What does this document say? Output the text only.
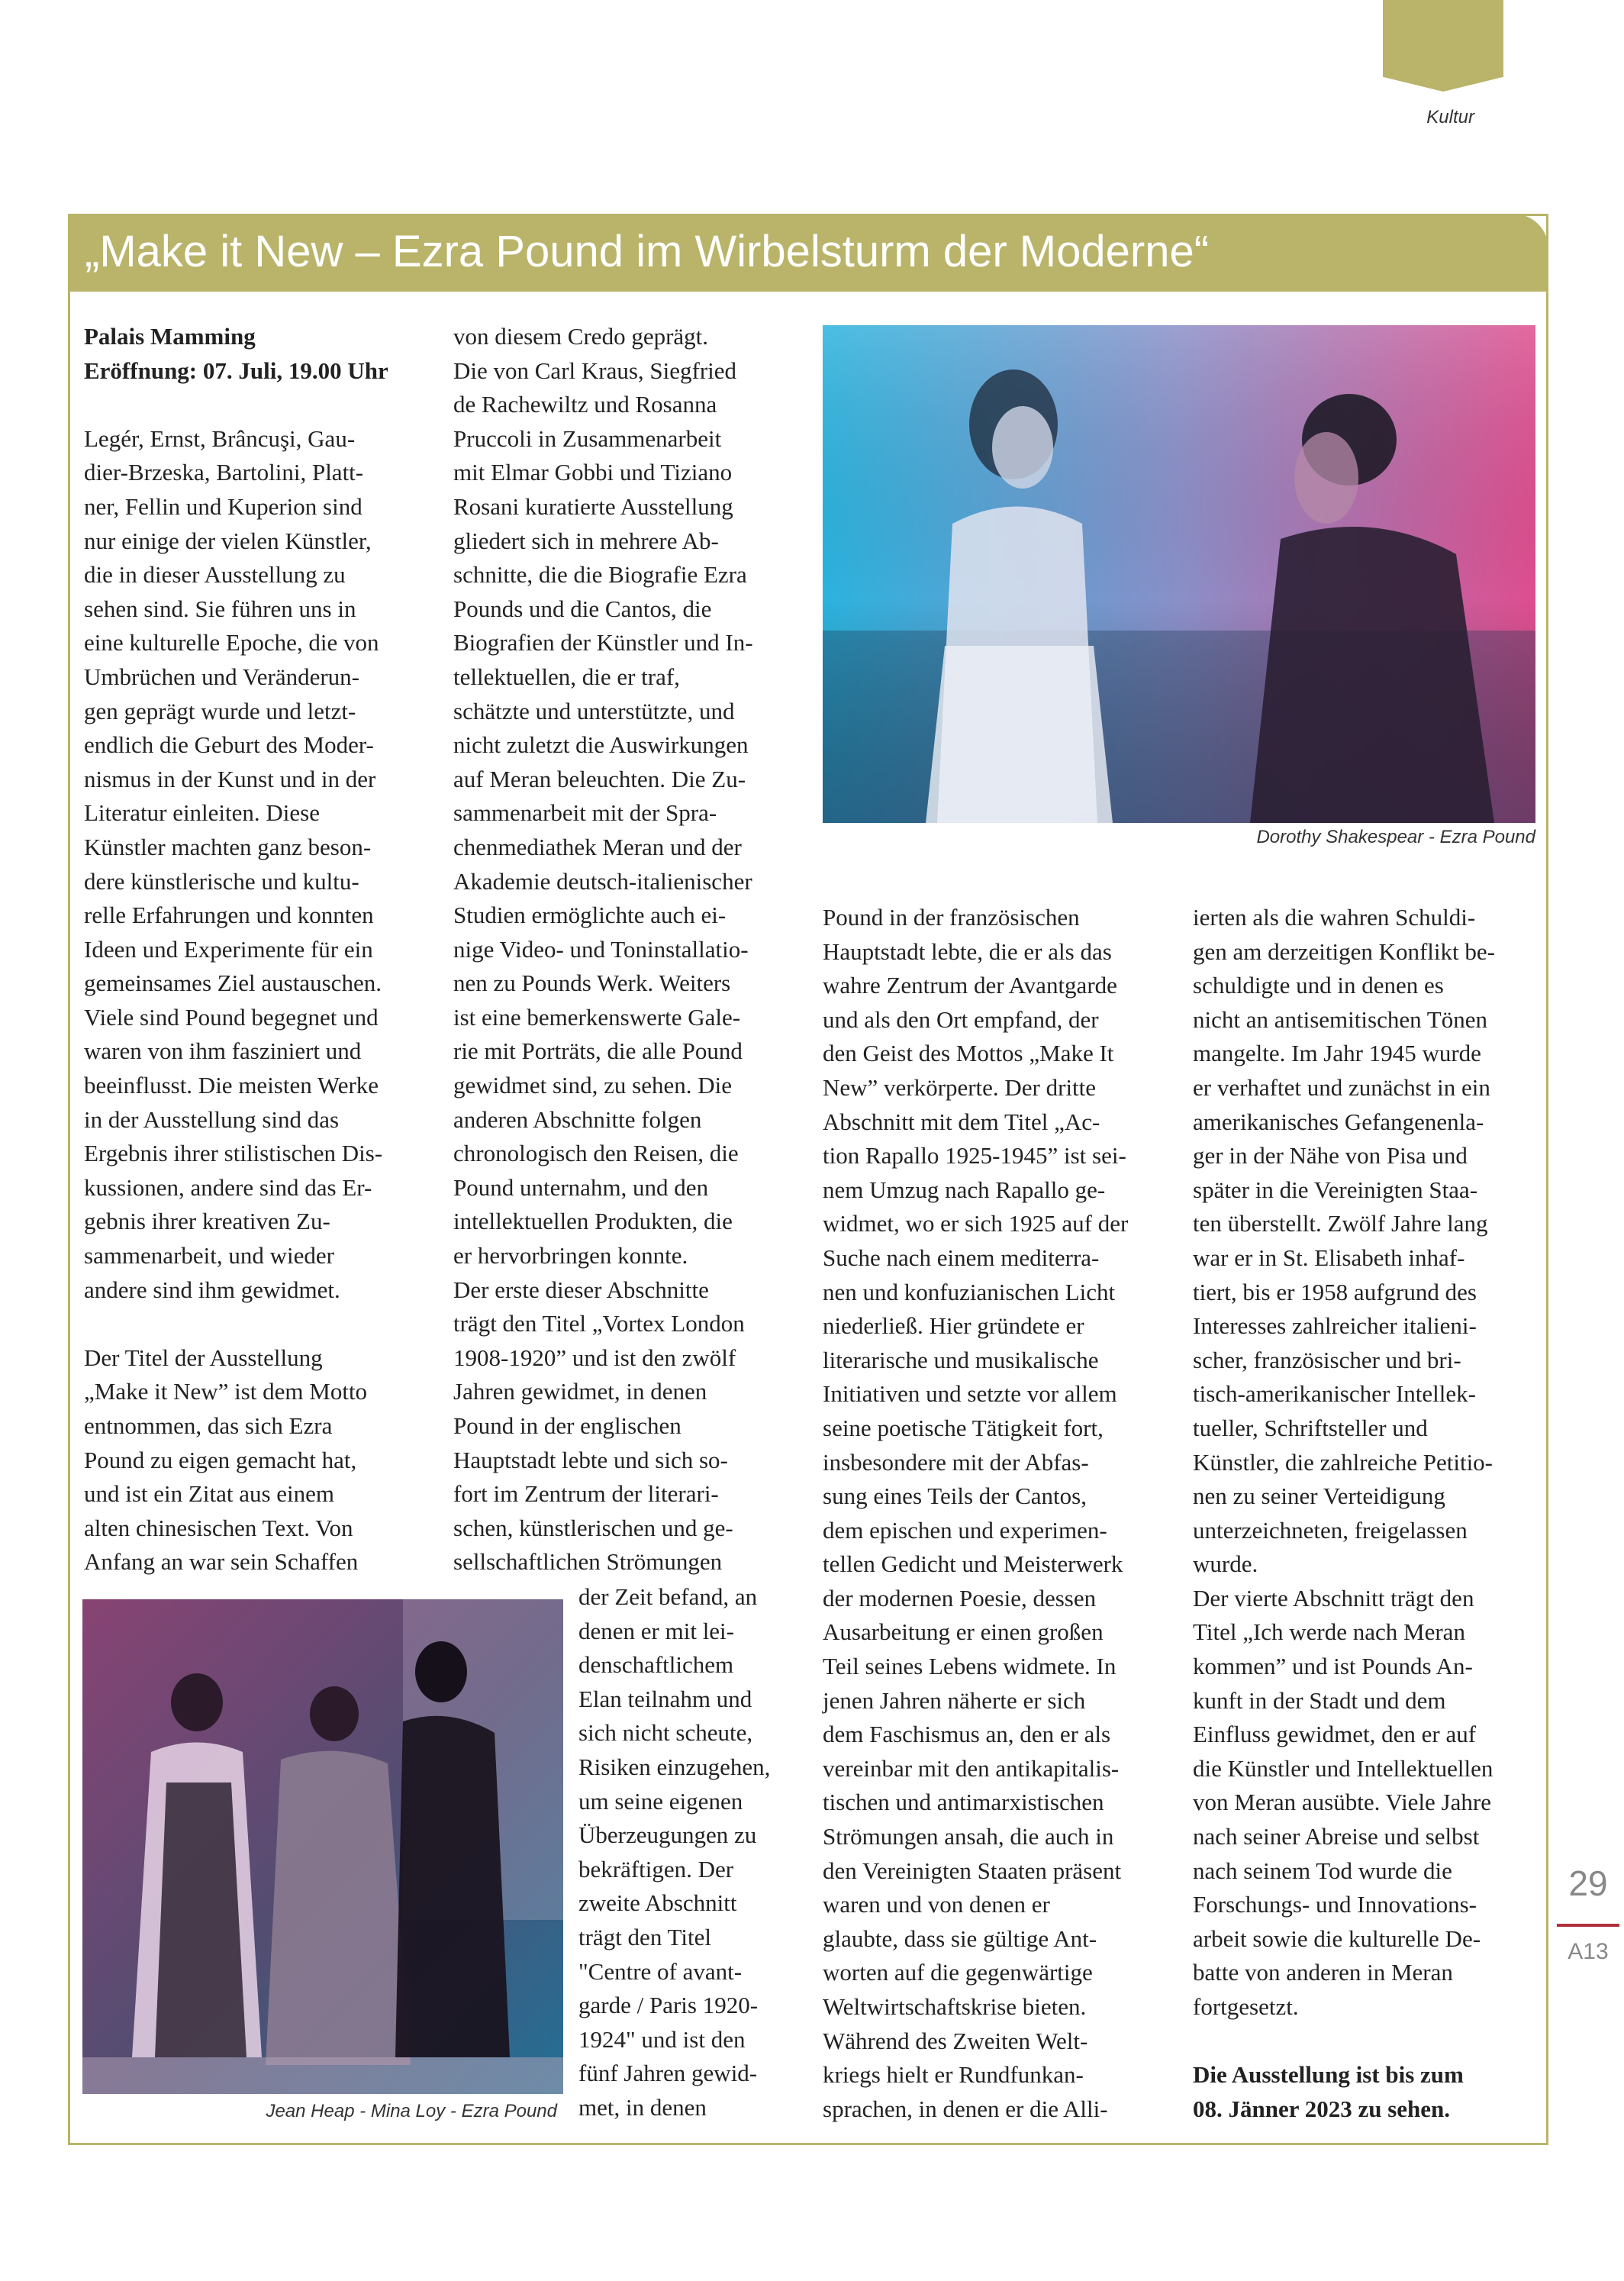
Kultur
„Make it New – Ezra Pound im Wirbelsturm der Moderne“

Palais Mamming

Eröffnung: 07. Juli, 19.00 Uhr

Legér, Ernst, Brâncuşi, Gau-
dier-Brzeska, Bartolini, Platt-
ner, Fellin und Kuperion sind
nur einige der vielen Künstler,
die in dieser Ausstellung zu
sehen sind. Sie führen uns in
eine kulturelle Epoche, die von
Umbrüchen und Veränderun-
gen geprägt wurde und letzt-
endlich die Geburt des Moder-
nismus in der Kunst und in der
Literatur einleiten. Diese
Künstler machten ganz beson-
dere künstlerische und kultu-
relle Erfahrungen und konnten
Ideen und Experimente für ein
gemeinsames Ziel austauschen.
Viele sind Pound begegnet und
waren von ihm fasziniert und
beeinflusst. Die meisten Werke
in der Ausstellung sind das
Ergebnis ihrer stilistischen Dis-
kussionen, andere sind das Er-
gebnis ihrer kreativen Zu-
sammenarbeit, und wieder
andere sind ihm gewidmet.
Der Titel der Ausstellung
„Make it New” ist dem Motto
entnommen, das sich Ezra
Pound zu eigen gemacht hat,
und ist ein Zitat aus einem
alten chinesischen Text. Von
Anfang an war sein Schaffen
von diesem Credo geprägt.
Die von Carl Kraus, Siegfried
de Rachewiltz und Rosanna
Pruccoli in Zusammenarbeit
mit Elmar Gobbi und Tiziano
Rosani kuratierte Ausstellung
gliedert sich in mehrere Ab-
schnitte, die die Biografie Ezra
Pounds und die Cantos, die
Biografien der Künstler und In-
tellektuellen, die er traf,
schätzte und unterstützte, und
nicht zuletzt die Auswirkungen
auf Meran beleuchten. Die Zu-
sammenarbeit mit der Spra-
chenmediathek Meran und der
Akademie deutsch-italienischer
Studien ermöglichte auch ei-
nige Video- und Toninstallatio-
nen zu Pounds Werk. Weiters
ist eine bemerkenswerte Gale-
rie mit Porträts, die alle Pound
gewidmet sind, zu sehen. Die
anderen Abschnitte folgen
chronologisch den Reisen, die
Pound unternahm, und den
intellektuellen Produkten, die
er hervorbringen konnte.
Der erste dieser Abschnitte
trägt den Titel „Vortex London
1908-1920” und ist den zwölf
Jahren gewidmet, in denen
Pound in der englischen
Hauptstadt lebte und sich so-
fort im Zentrum der literari-
schen, künstlerischen und ge-
sellschaftlichen Strömungen
der Zeit befand, an
denen er mit lei-
denschaftlichem
Elan teilnahm und
sich nicht scheute,
Risiken einzugehen,
um seine eigenen
Überzeugungen zu
bekräftigen. Der
zweite Abschnitt
trägt den Titel
"Centre of avant-
garde / Paris 1920-
1924" und ist den
fünf Jahren gewid-
met, in denen
Pound in der französischen
Hauptstadt lebte, die er als das
wahre Zentrum der Avantgarde
und als den Ort empfand, der
den Geist des Mottos „Make It
New” verkörperte. Der dritte
Abschnitt mit dem Titel „Ac-
tion Rapallo 1925-1945” ist sei-
nem Umzug nach Rapallo ge-
widmet, wo er sich 1925 auf der
Suche nach einem mediterra-
nen und konfuzianischen Licht
niederließ. Hier gründete er
literarische und musikalische
Initiativen und setzte vor allem
seine poetische Tätigkeit fort,
insbesondere mit der Abfas-
sung eines Teils der Cantos,
dem epischen und experimen-
tellen Gedicht und Meisterwerk
der modernen Poesie, dessen
Ausarbeitung er einen großen
Teil seines Lebens widmete. In
jenen Jahren näherte er sich
dem Faschismus an, den er als
vereinbar mit den antikapitalis-
tischen und antimarxistischen
Strömungen ansah, die auch in
den Vereinigten Staaten präsent
waren und von denen er
glaubte, dass sie gültige Ant-
worten auf die gegenwärtige
Weltwirtschaftskrise bieten.
Während des Zweiten Welt-
kriegs hielt er Rundfunkan-
sprachen, in denen er die Alli-
ierten als die wahren Schuldi-
gen am derzeitigen Konflikt be-
schuldigte und in denen es
nicht an antisemitischen Tönen
mangelte. Im Jahr 1945 wurde
er verhaftet und zunächst in ein
amerikanisches Gefangenenla-
ger in der Nähe von Pisa und
später in die Vereinigten Staa-
ten überstellt. Zwölf Jahre lang
war er in St. Elisabeth inhaf-
tiert, bis er 1958 aufgrund des
Interesses zahlreicher italieni-
scher, französischer und bri-
tisch-amerikanischer Intellek-
tueller, Schriftsteller und
Künstler, die zahlreiche Petitio-
nen zu seiner Verteidigung
unterzeichneten, freigelassen
wurde.
Der vierte Abschnitt trägt den
Titel „Ich werde nach Meran
kommen” und ist Pounds An-
kunft in der Stadt und dem
Einfluss gewidmet, den er auf
die Künstler und Intellektuellen
von Meran ausübte. Viele Jahre
nach seiner Abreise und selbst
nach seinem Tod wurde die
Forschungs- und Innovations-
arbeit sowie die kulturelle De-
batte von anderen in Meran
fortgesetzt.
Die Ausstellung ist bis zum
08. Jänner 2023 zu sehen.
Dorothy Shakespear - Ezra Pound
Jean Heap - Mina Loy - Ezra Pound
29
A13
